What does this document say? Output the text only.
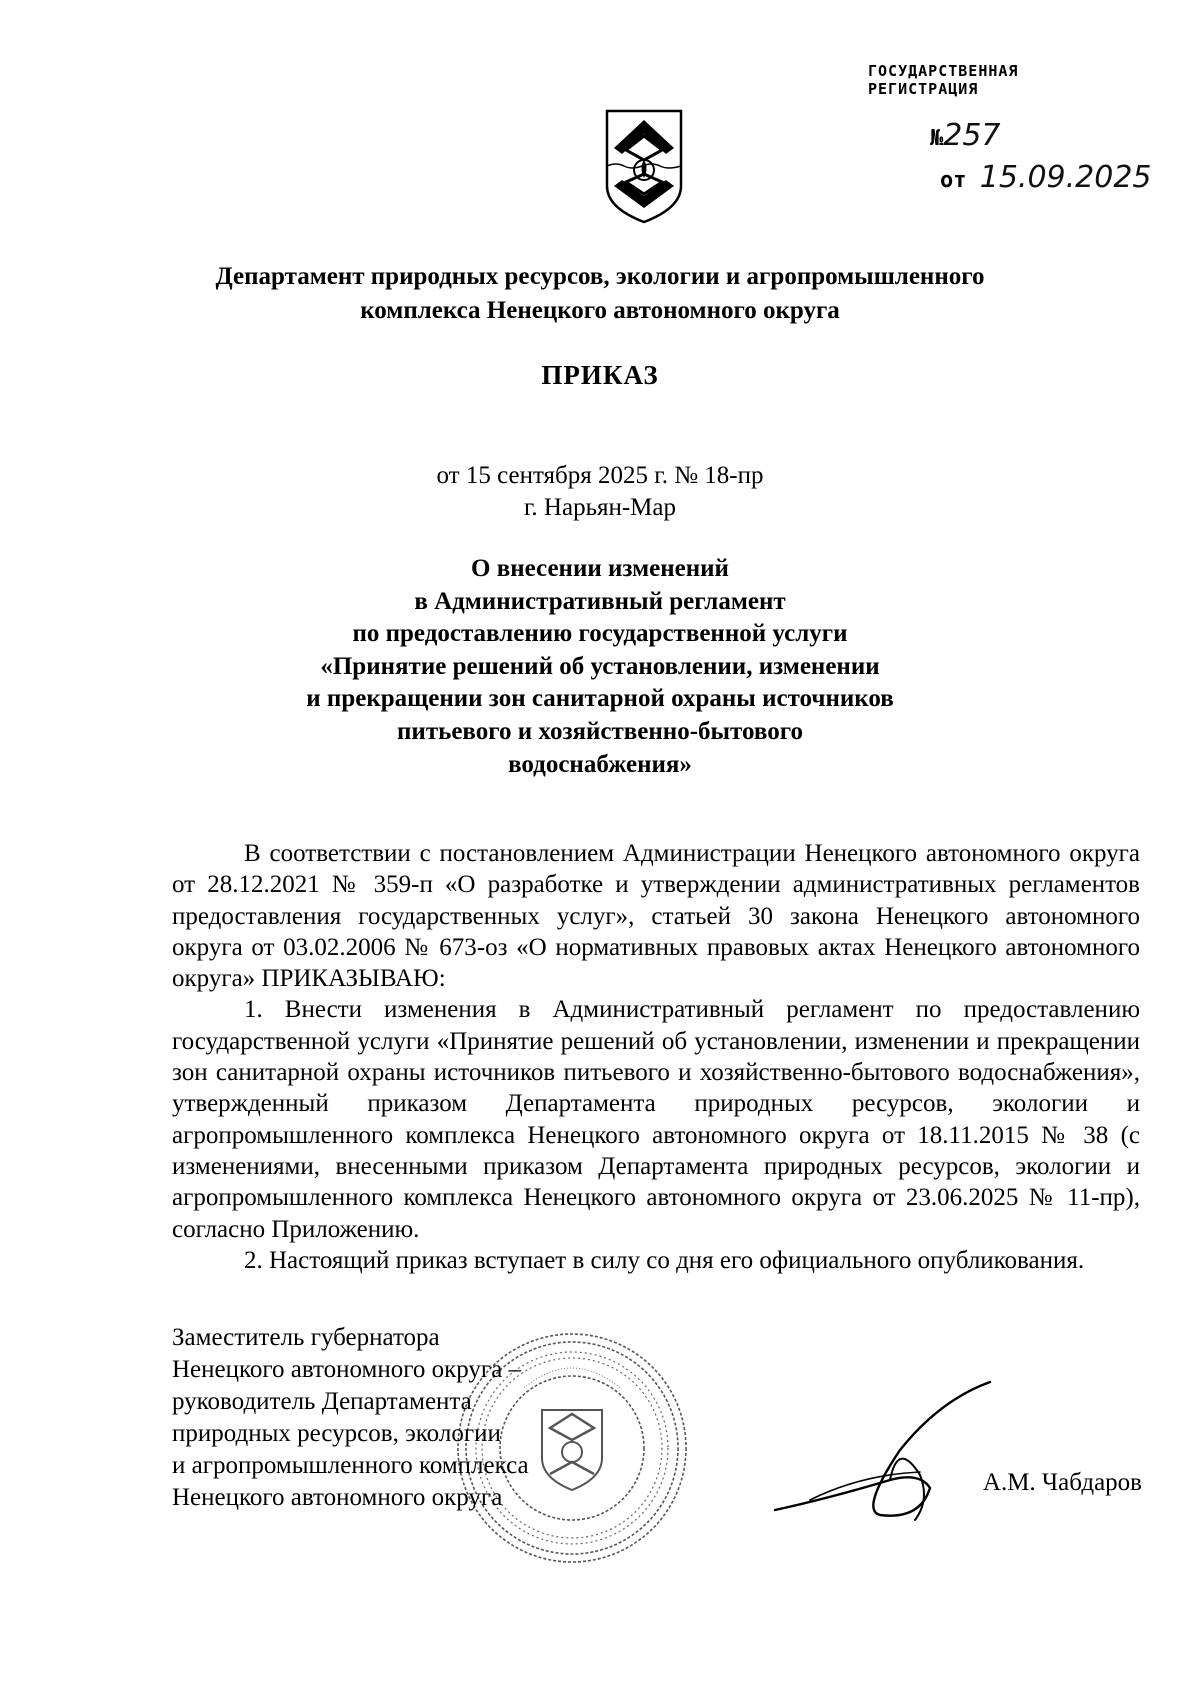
ГОСУДАРСТВЕННАЯ РЕГИСТРАЦИЯ
№257
от 15.09.2025
Департамент природных ресурсов, экологии и агропромышленного
комплекса Ненецкого автономного округа
ПРИКАЗ
от 15 сентября 2025 г. № 18-пр
г. Нарьян-Мар
О внесении изменений
в Административный регламент
по предоставлению государственной услуги
«Принятие решений об установлении, изменении
и прекращении зон санитарной охраны источников
питьевого и хозяйственно-бытового
водоснабжения»

В соответствии с постановлением Администрации Ненецкого автономного округа от 28.12.2021 № 359-п «О разработке и утверждении административных регламентов предоставления государственных услуг», статьей 30 закона Ненецкого автономного округа от 03.02.2006 № 673-оз «О нормативных правовых актах Ненецкого автономного округа» ПРИКАЗЫВАЮ:

1. Внести изменения в Административный регламент по предоставлению государственной услуги «Принятие решений об установлении, изменении и прекращении зон санитарной охраны источников питьевого и хозяйственно-бытового водоснабжения», утвержденный приказом Департамента природных ресурсов, экологии и агропромышленного комплекса Ненецкого автономного округа от 18.11.2015 № 38 (с изменениями, внесенными приказом Департамента природных ресурсов, экологии и агропромышленного комплекса Ненецкого автономного округа от 23.06.2025 № 11-пр), согласно Приложению.

2. Настоящий приказ вступает в силу со дня его официального опубликования.

Заместитель губернатора
Ненецкого автономного округа –
руководитель Департамента
природных ресурсов, экологии
и агропромышленного комплекса
Ненецкого автономного округа
А.М. Чабдаров
